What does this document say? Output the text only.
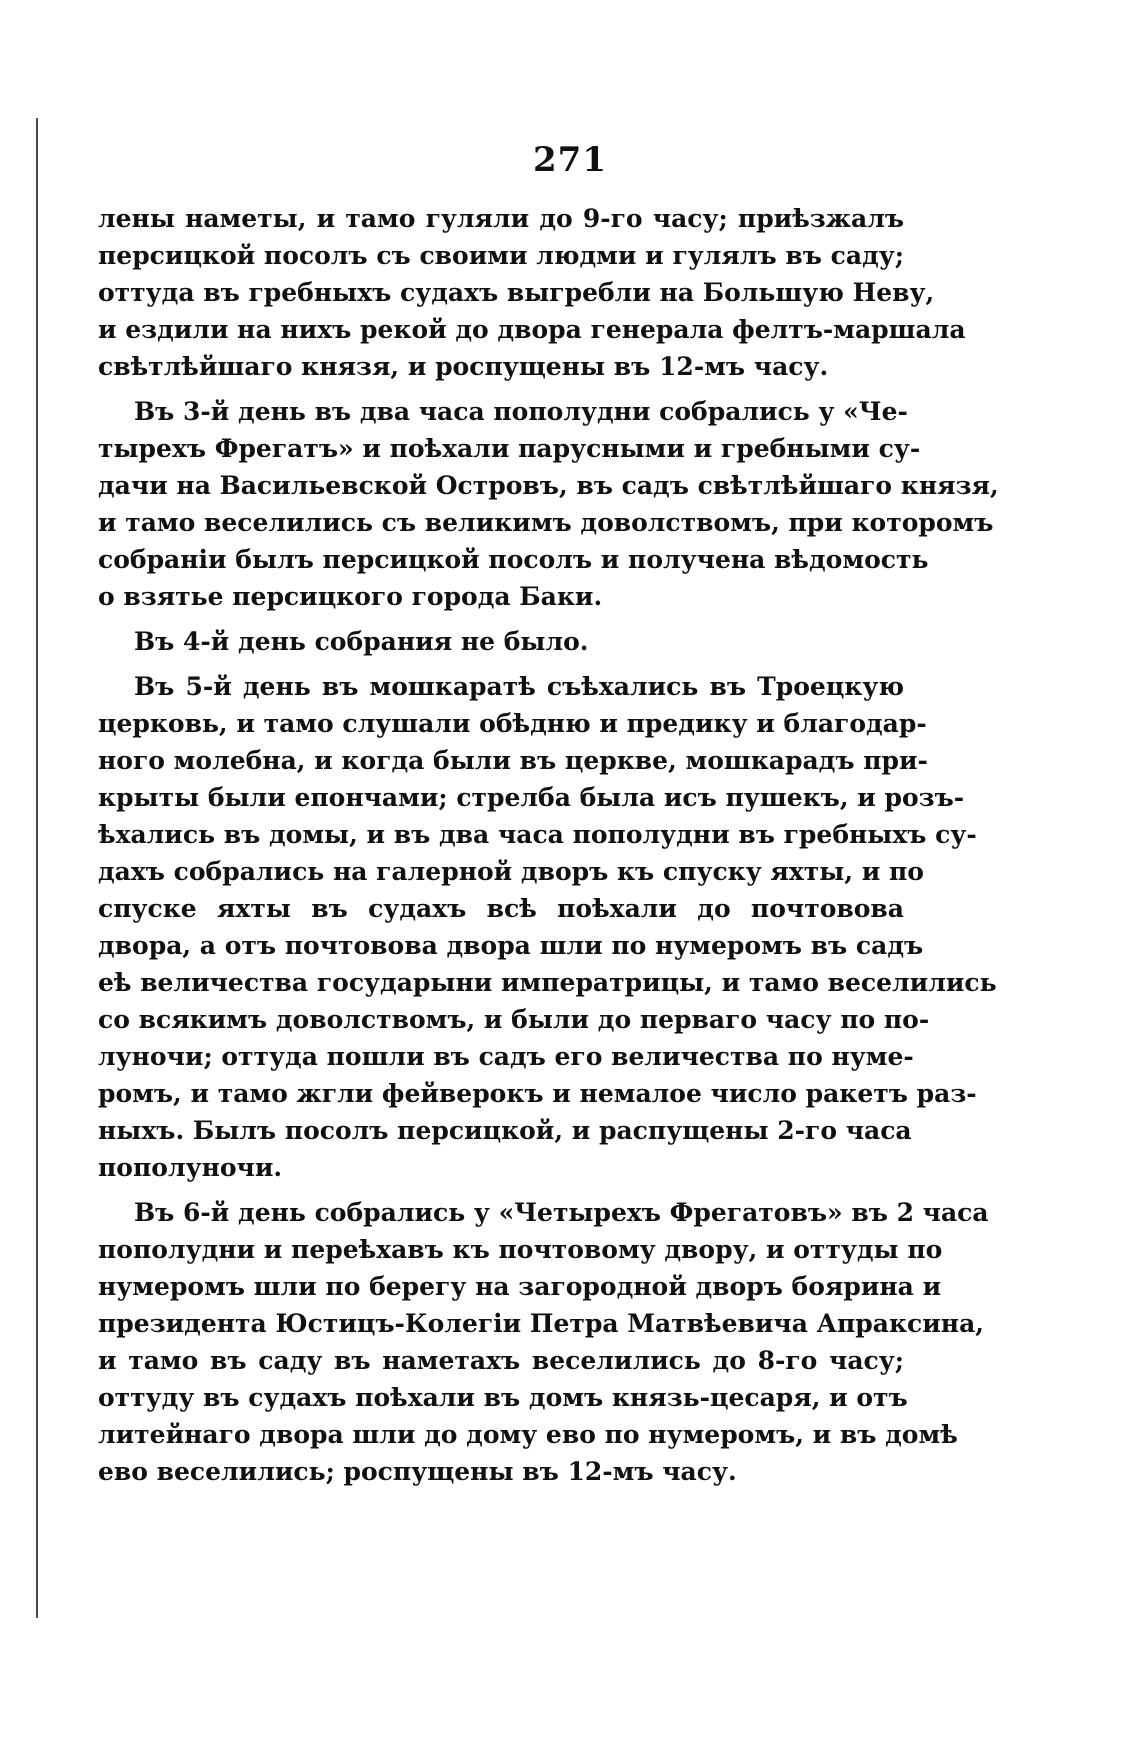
271
лены наметы, и тамо гуляли до 9-го часу; приѣзжалъ
персицкой посолъ съ своими людми и гулялъ въ саду;
оттуда въ гребныхъ судахъ выгребли на Большую Неву,
и ездили на нихъ рекой до двора генерала фелтъ-маршала
свѣтлѣйшаго князя, и роспущены въ 12-мъ часу.
Въ 3-й день въ два часа пополудни собрались у «Че-
тырехъ Фрегатъ» и поѣхали парусными и гребными су-
дачи на Васильевской Островъ, въ садъ свѣтлѣйшаго князя,
и тамо веселились съ великимъ доволствомъ, при которомъ
собраніи былъ персицкой посолъ и получена вѣдомость
о взятье персицкого города Баки.
Въ 4-й день собрания не было.
Въ 5-й день въ мошкаратѣ съѣхались въ Троецкую
церковь, и тамо слушали обѣдню и предику и благодар-
ного молебна, и когда были въ церкве, мошкарадъ при-
крыты были епончами; стрелба была исъ пушекъ, и розъ-
ѣхались въ домы, и въ два часа пополудни въ гребныхъ су-
дахъ собрались на галерной дворъ къ спуску яхты, и по
спуске яхты въ судахъ всѣ поѣхали до почтовова
двора, а отъ почтовова двора шли по нумеромъ въ садъ
еѣ величества государыни императрицы, и тамо веселились
со всякимъ доволствомъ, и были до перваго часу по по-
луночи; оттуда пошли въ садъ его величества по нуме-
ромъ, и тамо жгли фейверокъ и немалое число ракетъ раз-
ныхъ. Былъ посолъ персицкой, и распущены 2-го часа
пополуночи.
Въ 6-й день собрались у «Четырехъ Фрегатовъ» въ 2 часа
пополудни и переѣхавъ къ почтовому двору, и оттуды по
нумеромъ шли по берегу на загородной дворъ боярина и
президента Юстицъ-Колегіи Петра Матвѣевича Апраксина,
и тамо въ саду въ наметахъ веселились до 8-го часу;
оттуду въ судахъ поѣхали въ домъ князь-цесаря, и отъ
литейнаго двора шли до дому ево по нумеромъ, и въ домѣ
ево веселились; роспущены въ 12-мъ часу.
